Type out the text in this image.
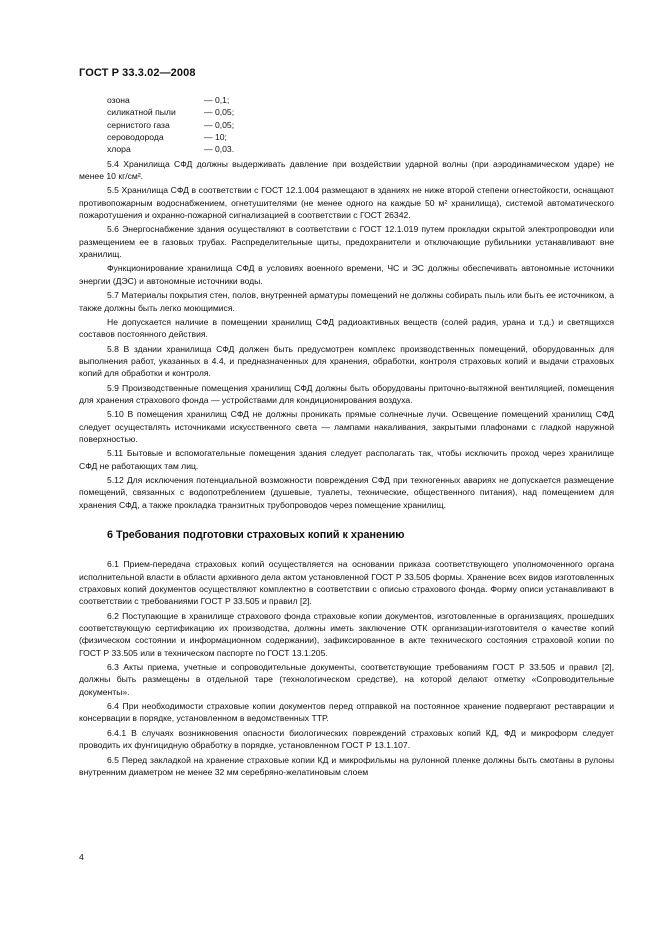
ГОСТ Р 33.3.02—2008
озона	— 0,1;
силикатной пыли	— 0,05;
сернистого газа	— 0,05;
сероводорода	— 10;
хлора	— 0,03.

5.4 Хранилища СФД должны выдерживать давление при воздействии ударной волны (при аэродинамическом ударе) не менее 10 кг/см².

5.5 Хранилища СФД в соответствии с ГОСТ 12.1.004 размещают в зданиях не ниже второй степени огнестойкости, оснащают противопожарным водоснабжением, огнетушителями (не менее одного на каждые 50 м² хранилища), системой автоматического пожаротушения и охранно-пожарной сигнализацией в соответствии с ГОСТ 26342.

5.6 Энергоснабжение здания осуществляют в соответствии с ГОСТ 12.1.019 путем прокладки скрытой электропроводки или размещением ее в газовых трубах. Распределительные щиты, предохранители и отключающие рубильники устанавливают вне хранилищ.

Функционирование хранилища СФД в условиях военного времени, ЧС и ЭС должны обеспечивать автономные источники энергии (ДЭС) и автономные источники воды.

5.7 Материалы покрытия стен, полов, внутренней арматуры помещений не должны собирать пыль или быть ее источником, а также должны быть легко моющимися.

Не допускается наличие в помещении хранилищ СФД радиоактивных веществ (солей радия, урана и т.д.) и светящихся составов постоянного действия.

5.8 В здании хранилища СФД должен быть предусмотрен комплекс производственных помещений, оборудованных для выполнения работ, указанных в 4.4, и предназначенных для хранения, обработки, контроля страховых копий и выдачи страховых копий для обработки и контроля.

5.9 Производственные помещения хранилищ СФД должны быть оборудованы приточно-вытяжной вентиляцией, помещения для хранения страхового фонда — устройствами для кондиционирования воздуха.

5.10 В помещения хранилищ СФД не должны проникать прямые солнечные лучи. Освещение помещений хранилищ СФД следует осуществлять источниками искусственного света — лампами накаливания, закрытыми плафонами с гладкой наружной поверхностью.

5.11 Бытовые и вспомогательные помещения здания следует располагать так, чтобы исключить проход через хранилище СФД не работающих там лиц.

5.12 Для исключения потенциальной возможности повреждения СФД при техногенных авариях не допускается размещение помещений, связанных с водопотреблением (душевые, туалеты, технические, общественного питания), над помещением для хранения СФД, а также прокладка транзитных трубопроводов через помещение хранилищ.

6 Требования подготовки страховых копий к хранению

6.1 Прием-передача страховых копий осуществляется на основании приказа соответствующего уполномоченного органа исполнительной власти в области архивного дела актом установленной ГОСТ Р 33.505 формы. Хранение всех видов изготовленных страховых копий документов осуществляют комплектно в соответствии с описью страхового фонда. Форму описи устанавливают в соответствии с требованиями ГОСТ Р 33.505 и правил [2].

6.2 Поступающие в хранилище страхового фонда страховые копии документов, изготовленные в организациях, прошедших соответствующую сертификацию их производства, должны иметь заключение ОТК организации-изготовителя о качестве копий (физическом состоянии и информационном содержании), зафиксированное в акте технического состояния страховой копии по ГОСТ Р 33.505 или в техническом паспорте по ГОСТ 13.1.205.

6.3 Акты приема, учетные и сопроводительные документы, соответствующие требованиям ГОСТ Р 33.505 и правил [2], должны быть размещены в отдельной таре (технологическом средстве), на которой делают отметку «Сопроводительные документы».

6.4 При необходимости страховые копии документов перед отправкой на постоянное хранение подвергают реставрации и консервации в порядке, установленном в ведомственных ТТР.

6.4.1 В случаях возникновения опасности биологических повреждений страховых копий КД, ФД и микроформ следует проводить их фунгицидную обработку в порядке, установленном ГОСТ Р 13.1.107.

6.5 Перед закладкой на хранение страховые копии КД и микрофильмы на рулонной пленке должны быть смотаны в рулоны внутренним диаметром не менее 32 мм серебряно-желатиновым слоем

4
